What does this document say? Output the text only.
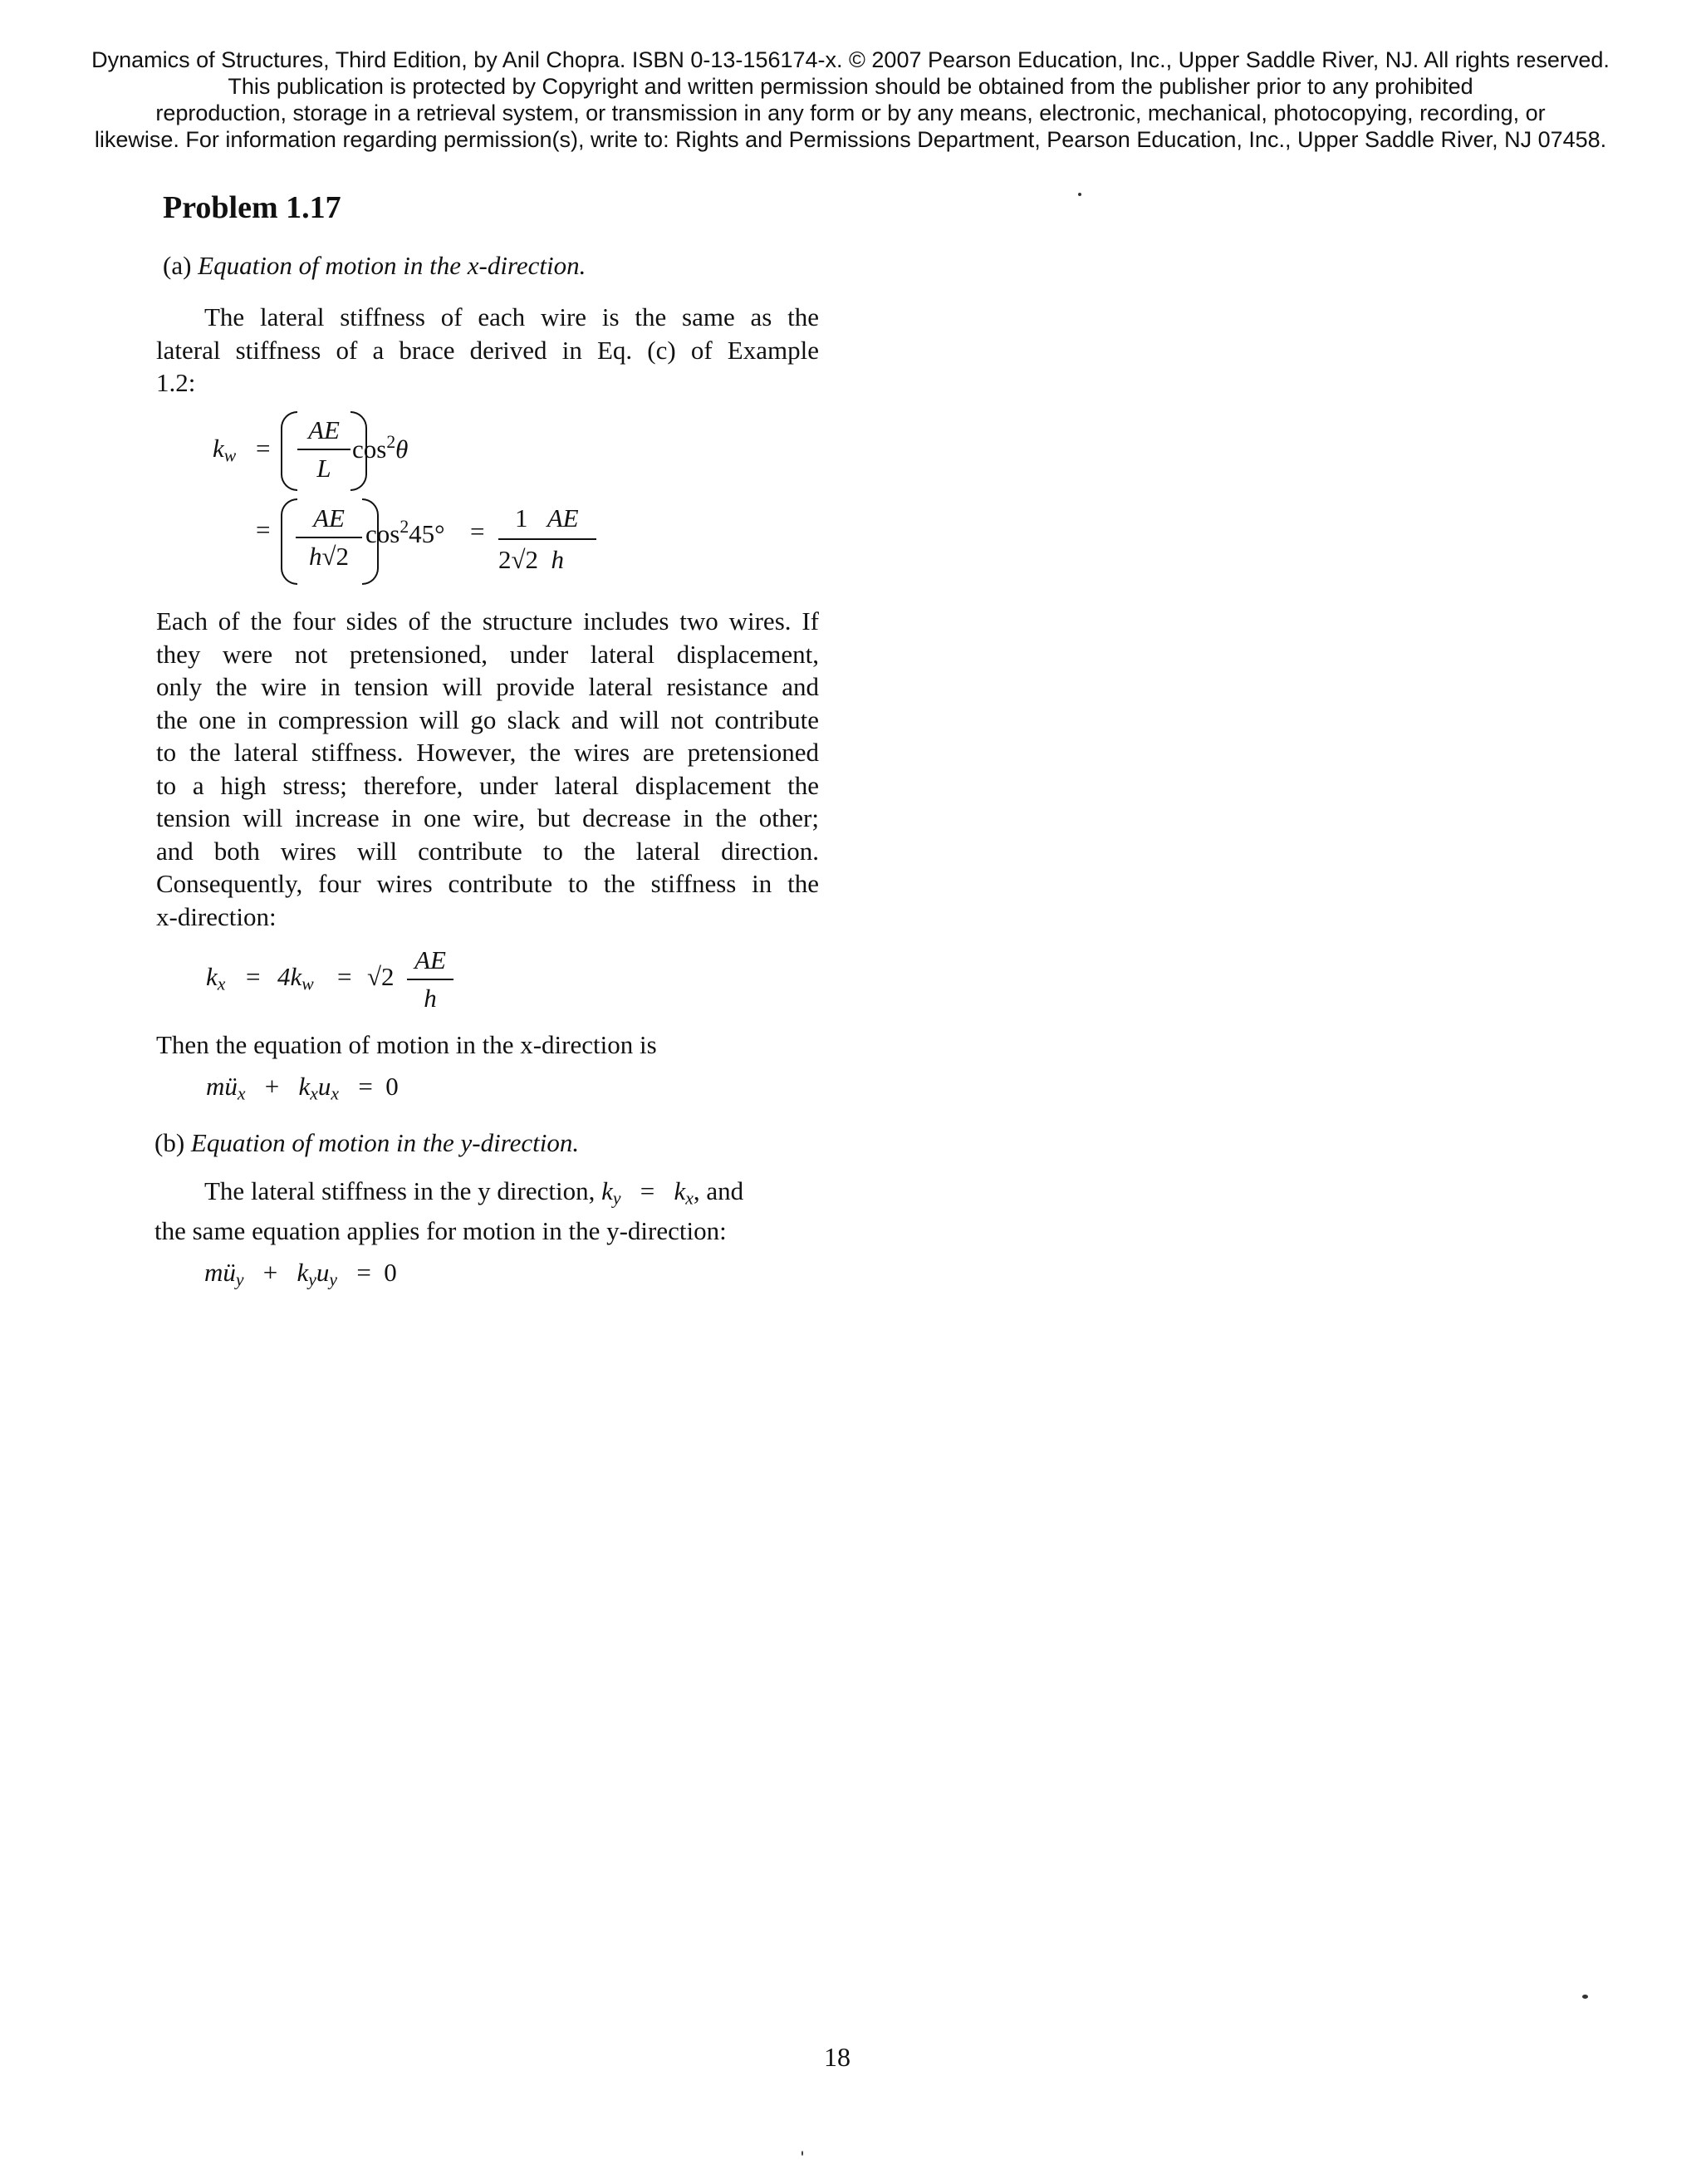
Dynamics of Structures, Third Edition, by Anil Chopra. ISBN 0-13-156174-x. © 2007 Pearson Education, Inc., Upper Saddle River, NJ. All rights reserved.
This publication is protected by Copyright and written permission should be obtained from the publisher prior to any prohibited
reproduction, storage in a retrieval system, or transmission in any form or by any means, electronic, mechanical, photocopying, recording, or
likewise. For information regarding permission(s), write to: Rights and Permissions Department, Pearson Education, Inc., Upper Saddle River, NJ 07458.
Problem 1.17
(a) Equation of motion in the x-direction.
The lateral stiffness of each wire is the same as the
lateral stiffness of a brace derived in Eq. (c) of Example
1.2:
$k_w$ =
AE
L
$\cos^2\theta$
=	AE
h√2
$\cos^245^\circ = 1$ AE
2√2 h
Each of the four sides of the structure includes two wires. If
they were not pretensioned, under lateral displacement,
only the wire in tension will provide lateral resistance and
the one in compression will go slack and will not contribute
to the lateral stiffness. However, the wires are pretensioned
to a high stress; therefore, under lateral displacement the
tension will increase in one wire, but decrease in the other;
and both wires will contribute to the lateral direction.
Consequently, four wires contribute to the stiffness in the
x-direction:
$k_x = 4k_w = √2$
AE
h
Then the equation of motion in the x-direction is
$mü_x + k_xu_x = 0$
(b) Equation of motion in the y-direction.
The lateral stiffness in the y direction, $k_y = k_x$, and
the same equation applies for motion in the y-direction:
$mü_y + k_yu_y = 0$
18
